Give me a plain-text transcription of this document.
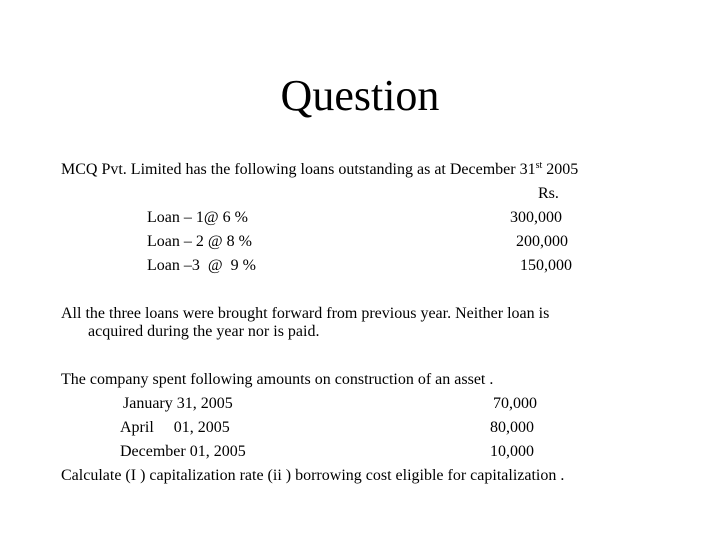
Question
MCQ Pvt. Limited has the following loans outstanding as at December 31st 2005
Rs.
Loan – 1@ 6 %	300,000
Loan – 2 @ 8 %	200,000
Loan –3  @  9 %	150,000
All the three loans were brought forward from previous year. Neither loan is
acquired during the year nor is paid.
The company spent following amounts on construction of an asset .
January 31, 2005	70,000
April     01, 2005	80,000
December 01, 2005	10,000
Calculate (I ) capitalization rate (ii ) borrowing cost eligible for capitalization .
